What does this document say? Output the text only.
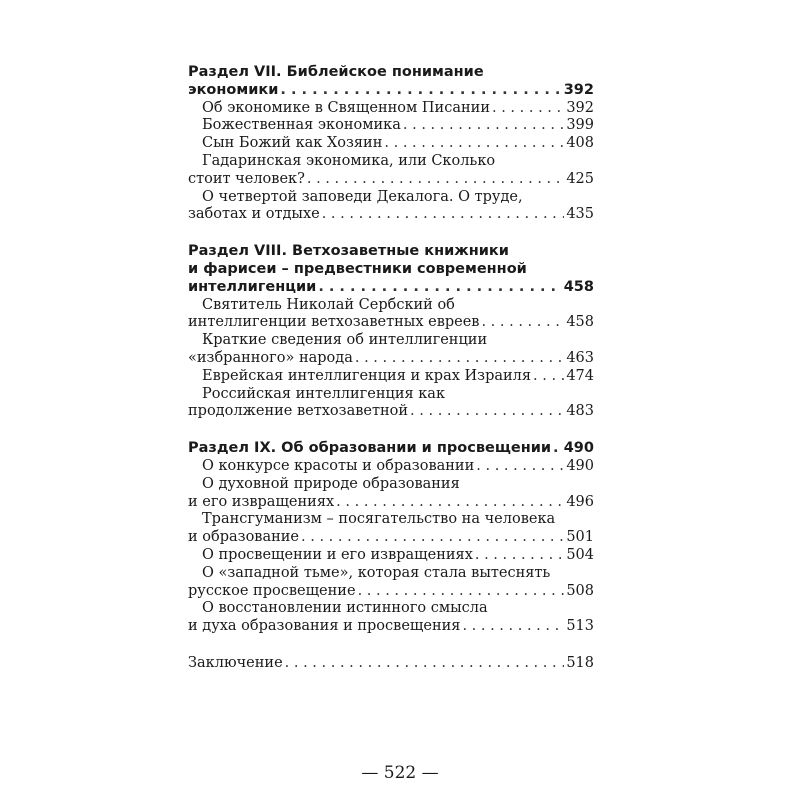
Раздел VII. Библейское понимание
экономики . . .	392
Об экономике в Священном Писании . . .	392
Божественная экономика . . .	399
Сын Божий как Хозяин . . .	408
Гадаринская экономика, или Сколько
стоит человек? . . .	425
О четвертой заповеди Декалога. О труде,
заботах и отдыхе . . .	435
Раздел VIII. Ветхозаветные книжники
и фарисеи – предвестники современной
интеллигенции . . .	458
Святитель Николай Сербский об
интеллигенции ветхозаветных евреев . . .	458
Краткие сведения об интеллигенции
«избранного» народа . . .	463
Еврейская интеллигенция и крах Израиля . . . 474
Российская интеллигенция как
продолжение ветхозаветной . . .	483
Раздел IX. Об образовании и просвещении . . . 490
О конкурсе красоты и образовании . . .	490
О духовной природе образования
и его извращениях . . .	496
Трансгуманизм – посягательство на человека
и образование . . .	501
О просвещении и его извращениях . . .	504
О «западной тьме», которая стала вытеснять
русское просвещение . . .	508
О восстановлении истинного смысла
и духа образования и просвещения . . .	513
Заключение . . .	518
— 522 —
